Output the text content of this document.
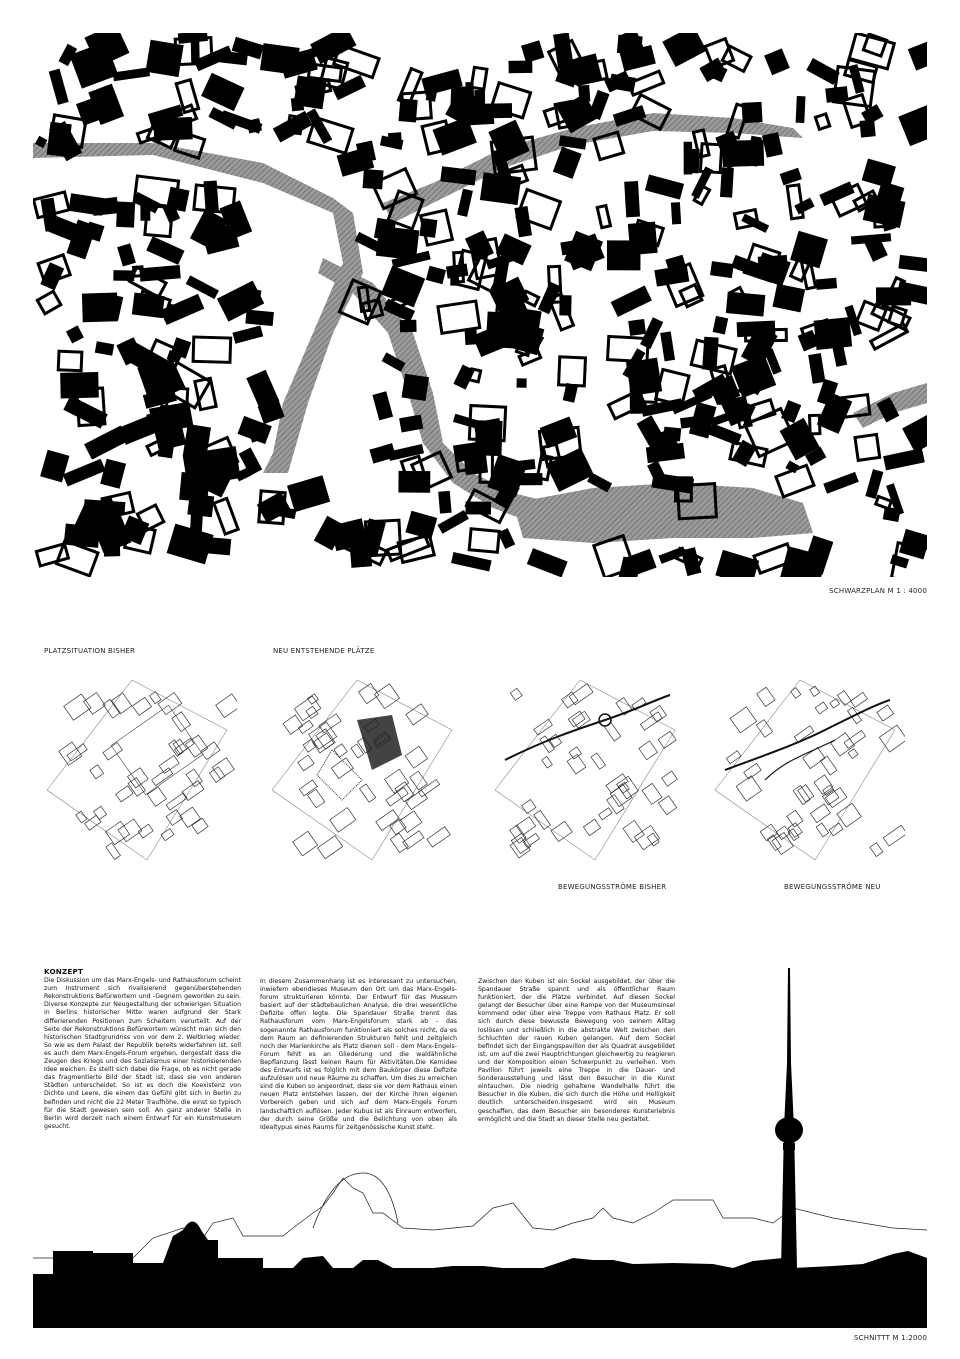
SCHWARZPLAN M 1 : 4000
PLATZSITUATION BISHER	NEU ENTSTEHENDE PLÄTZE
BEWEGUNGSSTRÖME BISHER	BEWEGUNGSSTRÖME NEU
KONZEPT

Die Diskussion um das Marx-Engels- und Rathausforum scheint zum Instrument sich rivalisierend gegenüberstehenden Rekonstruktions Befürwortern und -Gegnern geworden zu sein. Diverse Konzepte zur Neugestaltung der schwierigen Situation in Berlins historischer Mitte waren aufgrund der Stark differierenden Positionen zum Scheitern verurteilt. Auf der Seite der Rekonstruktions Befürwortern wünscht man sich den historischen Stadtgrundriss von vor dem 2. Weltkrieg wieder. So wie es dem Palast der Republik bereits widerfahren ist, soll es auch dem Marx-Engels-Forum ergehen, dergestalt dass die Zeugen des Kriegs und des Sozialismus einer historisierenden Idee weichen. Es stellt sich dabei die Frage, ob es nicht gerade das fragmentierte Bild der Stadt ist, dass sie von anderen Städten unterscheidet. So ist es doch die Koexistenz von Dichte und Leere, die einem das Gefühl gibt sich in Berlin zu befinden und nicht die 22 Meter Traufhöhe, die einst so typisch für die Stadt gewesen sein soll. An ganz anderer Stelle in Berlin wird derzeit nach einem Entwurf für ein Kunstmuseum gesucht.

In diesem Zusammenhang ist es interessant zu untersuchen, inwiefern ebendieses Museum den Ort um das Marx-Engels-forum strukturieren könnte. Der Entwurf für das Museum basiert auf der städtebaulichen Analyse, die drei wesentliche Defizite offen legte. Die Spandauer Straße trennt das Rathausforum vom Marx-Engelsforum stark ab - das sogenannte Rathausforum funktioniert als solches nicht, da es dem Raum an definierenden Strukturen fehlt und zeitgleich noch der Marienkirche als Platz dienen soll - dem Marx-Engels-Forum fehlt es an Gliederung und die waldähnliche Bepflanzung lässt keinen Raum für Aktivitäten.Die Kernidee des Entwurfs ist es folglich mit dem Baukörper diese Defizite aufzulösen und neue Räume zu schaffen. Um dies zu erreichen sind die Kuben so angeordnet, dass sie vor dem Rathaus einen neuen Platz entstehen lassen, der der Kirche ihren eigenen Vorbereich geben und sich auf dem Marx-Engels Forum landschaftlich auflösen. Jeder Kubus ist als Einraum entworfen, der durch seine Größe und die Belichtung von oben als Idealtypus eines Raums für zeitgenössische Kunst steht.

Zwischen den Kuben ist ein Sockel ausgebildet, der über die Spandauer Straße spannt und als öffentlicher Raum funktioniert, der die Plätze verbindet. Auf diesen Sockel gelangt der Besucher über eine Rampe von der Museumsinsel kommend oder über eine Treppe vom Rathaus Platz. Er soll sich durch diese bewusste Bewegung von seinem Alltag loslösen und schließlich in die abstrakte Welt zwischen den Schluchten der rauen Kuben gelangen. Auf dem Sockel befindet sich der Eingangspavillon der als Quadrat ausgebildet ist, um auf die zwei Hauptrichtungen gleichwertig zu reagieren und der Komposition einen Schwerpunkt zu verleihen. Vom Pavillon führt jeweils eine Treppe in die Dauer- und Sonderausstellung und lässt den Besucher in die Kunst eintauchen. Die niedrig gehaltene Wandelhalle führt die Besucher in die Kuben, die sich durch die Höhe und Helligkeit deutlich unterscheiden.Insgesamt wird ein Museum geschaffen, das dem Besucher ein besonderes Kunsterlebnis ermöglicht und die Stadt an dieser Stelle neu gestaltet.

SCHNITTT M 1:2000
